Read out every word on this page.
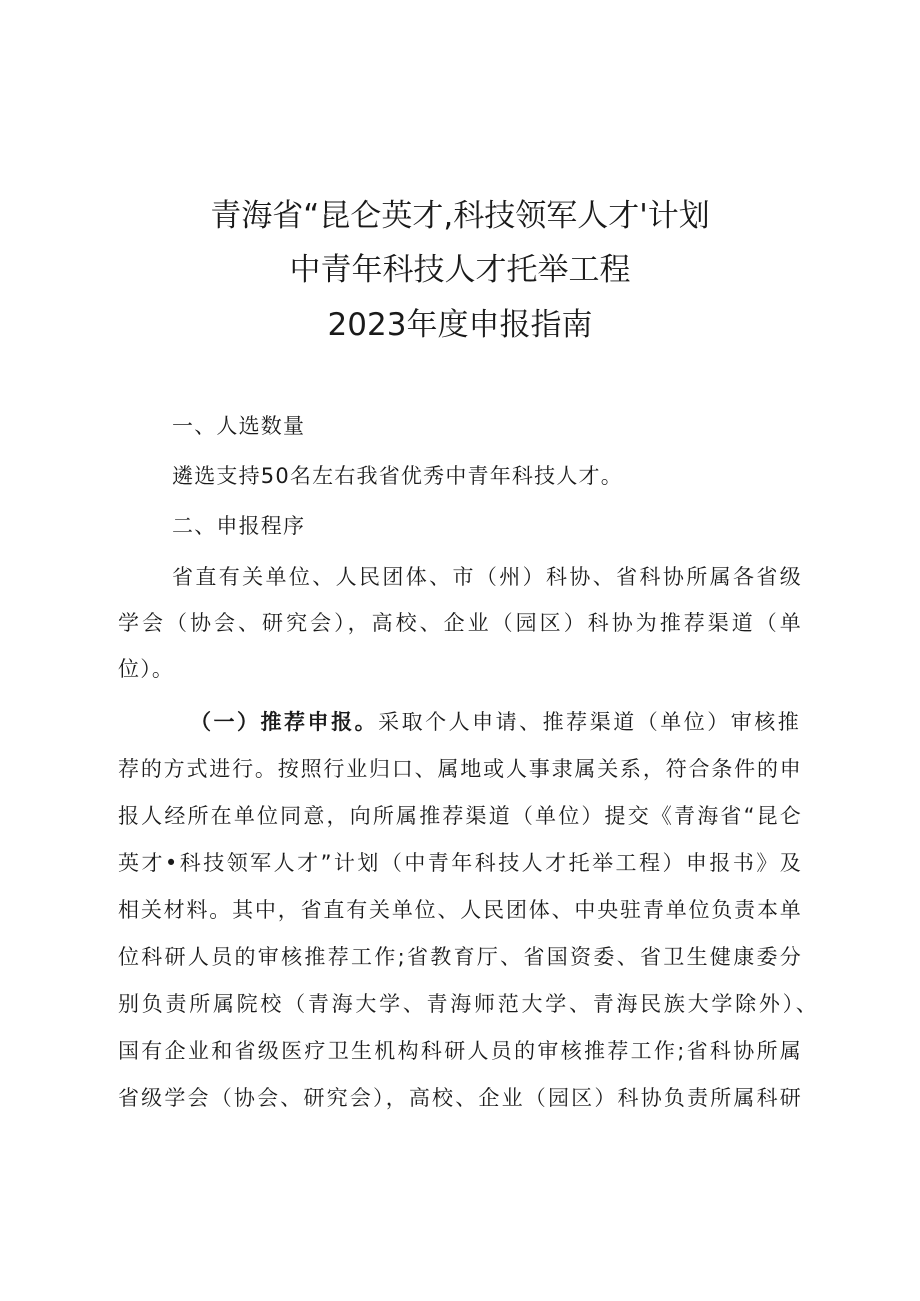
青海省“昆仑英才,科技领军人才'计划
中青年科技人才托举工程
2023年度申报指南
一、人选数量
遴选支持50名左右我省优秀中青年科技人才。
二、申报程序
省直有关单位、人民团体、市（州）科协、省科协所属各省级
学会（协会、研究会），高校、企业（园区）科协为推荐渠道（单
位）。
（一）推荐申报。采取个人申请、推荐渠道（单位）审核推
荐的方式进行。按照行业归口、属地或人事隶属关系，符合条件的申
报人经所在单位同意，向所属推荐渠道（单位）提交《青海省“昆仑
英才•科技领军人才”计划（中青年科技人才托举工程）申报书》及
相关材料。其中，省直有关单位、人民团体、中央驻青单位负责本单
位科研人员的审核推荐工作;省教育厅、省国资委、省卫生健康委分
别负责所属院校（青海大学、青海师范大学、青海民族大学除外）、
国有企业和省级医疗卫生机构科研人员的审核推荐工作;省科协所属
省级学会（协会、研究会），高校、企业（园区）科协负责所属科研
